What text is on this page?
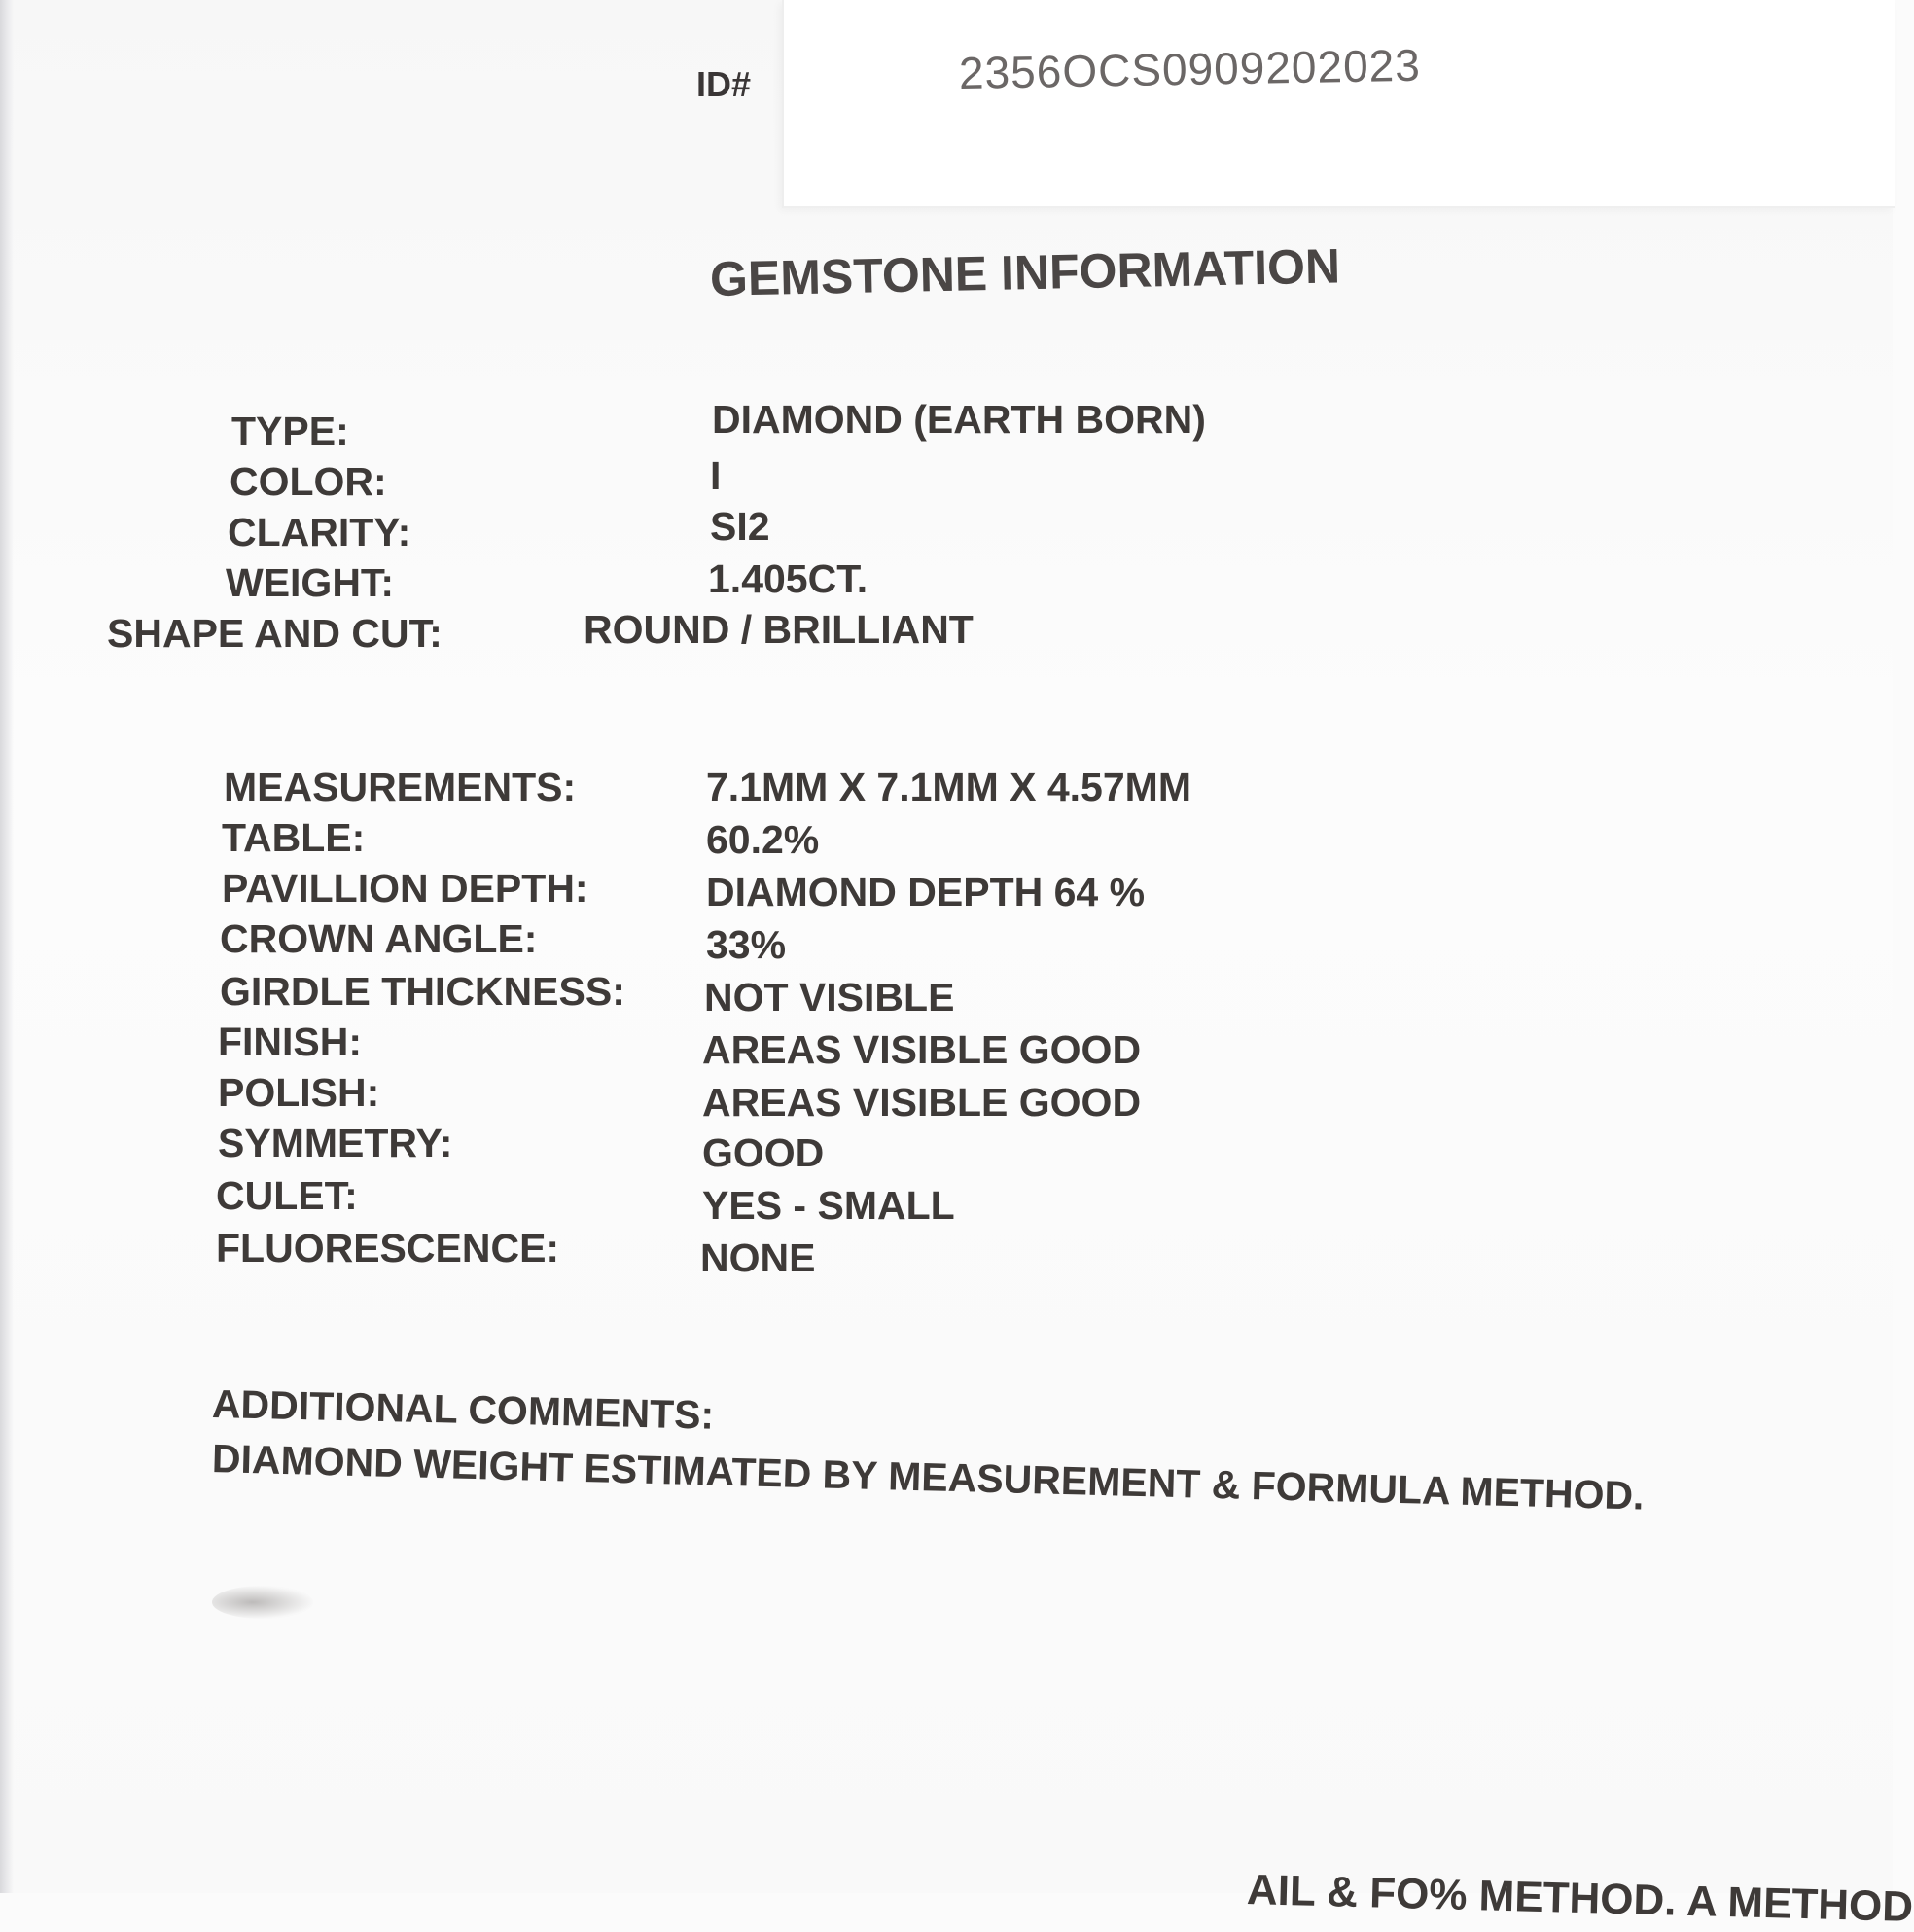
ID#	2356OCS0909202023
GEMSTONE INFORMATION
TYPE:	DIAMOND (EARTH BORN)
COLOR:	I
CLARITY:	SI2
WEIGHT:	1.405CT.
SHAPE AND CUT:	ROUND / BRILLIANT
MEASUREMENTS:	7.1MM X 7.1MM X 4.57MM
TABLE:	60.2%
PAVILLION DEPTH:	DIAMOND DEPTH 64 %
CROWN ANGLE:	33%
GIRDLE THICKNESS: NOT VISIBLE
FINISH:	AREAS VISIBLE GOOD
POLISH:	AREAS VISIBLE GOOD
SYMMETRY:	GOOD
CULET:	YES - SMALL
FLUORESCENCE:	NONE
ADDITIONAL COMMENTS:
DIAMOND WEIGHT ESTIMATED BY MEASUREMENT & FORMULA METHOD.
AIL & FO% METHOD. A METHOD
